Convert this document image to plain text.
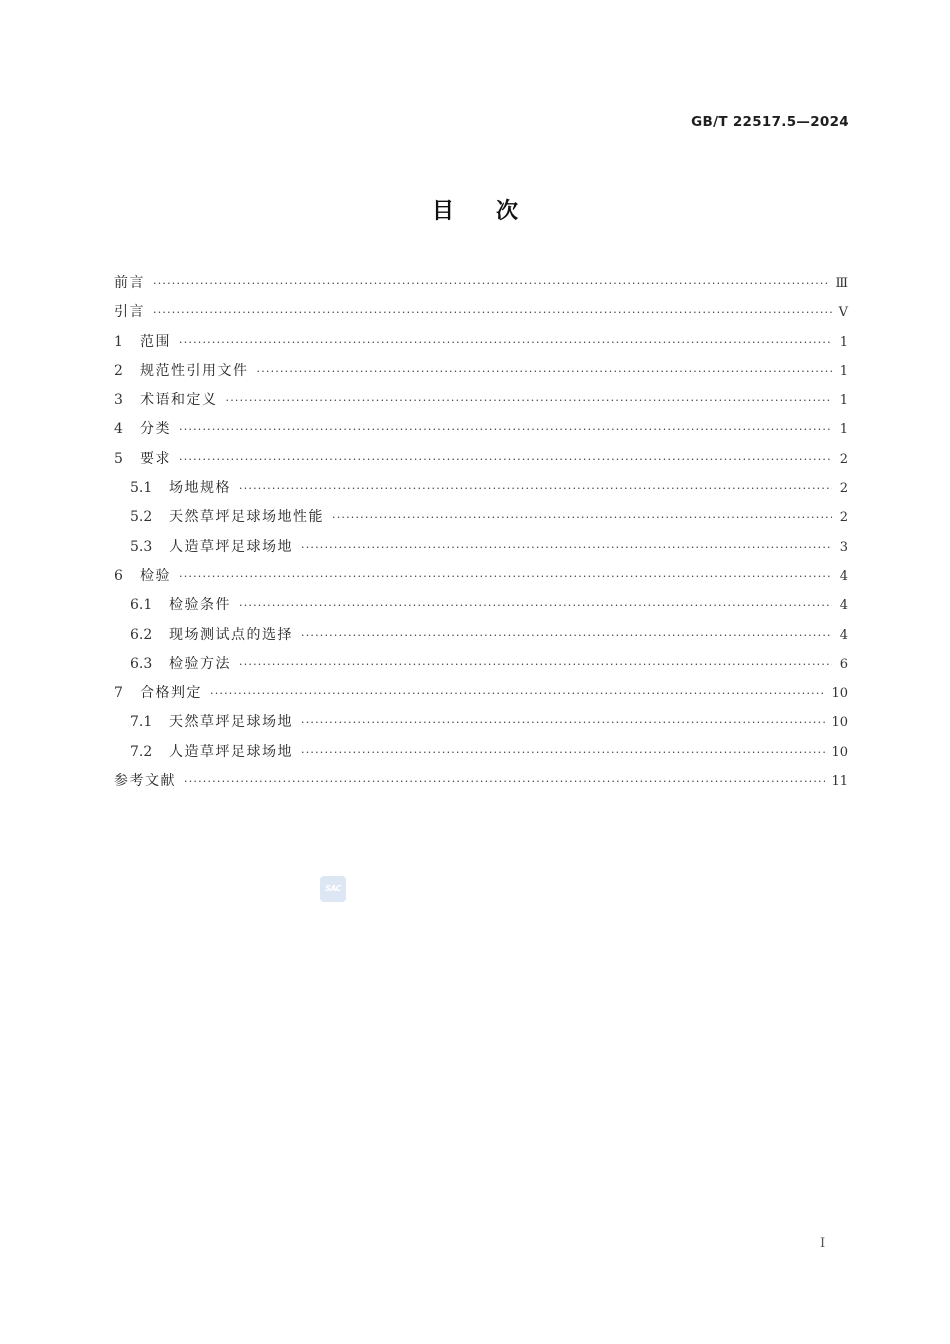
GB/T 22517.5—2024
目次
前言 ·····	Ⅲ
引言 ·····	Ⅴ
1	范围 ·····	1
2	规范性引用文件 ·····	1
3	术语和定义 ·····	1
4	分类 ·····	1
5	要求 ·····	2
5.1	场地规格 ·····	2
5.2	天然草坪足球场地性能 ·····	2
5.3	人造草坪足球场地 ·····	3
6	检验 ·····	4
6.1	检验条件 ·····	4
6.2	现场测试点的选择 ·····	4
6.3	检验方法 ·····	6
7	合格判定 ·····	10
7.1	天然草坪足球场地 ·····	10
7.2	人造草坪足球场地 ·····	10
参考文献 ·····	11
SAC
I
